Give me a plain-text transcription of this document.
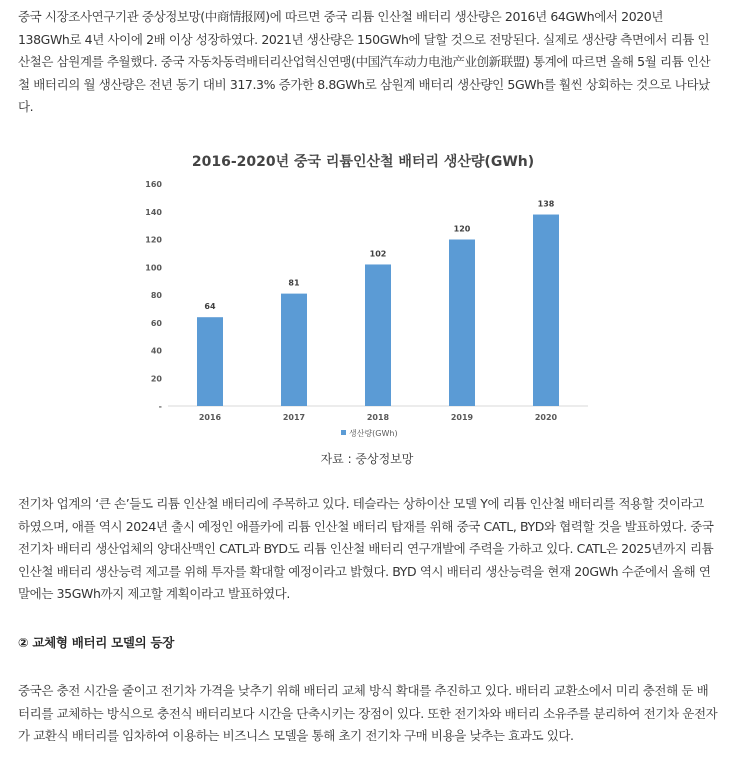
중국 시장조사연구기관 중상정보망(中商情报网)에 따르면 중국 리튬 인산철 배터리 생산량은 2016년 64GWh에서 2020년 138GWh로 4년 사이에 2배 이상 성장하였다. 2021년 생산량은 150GWh에 달할 것으로 전망된다. 실제로 생산량 측면에서 리튬 인산철은 삼원계를 추월했다. 중국 자동차동력배터리산업혁신연맹(中国汽车动力电池产业创新联盟) 통계에 따르면 올해 5월 리튬 인산철 배터리의 월 생산량은 전년 동기 대비 317.3% 증가한 8.8GWh로 삼원계 배터리 생산량인 5GWh를 훨씬 상회하는 것으로 나타났다.

2016-2020년 중국 리튬인산철 배터리 생산량(GWh)
-
20
40
60
80
100
120
140
160
64
81
102
120
138
2016	2017	2018	2019	2020
생산량(GWh)

자료 : 중상정보망

전기차 업계의 ‘큰 손’들도 리튬 인산철 배터리에 주목하고 있다. 테슬라는 상하이산 모델 Y에 리튬 인산철 배터리를 적용할 것이라고 하였으며, 애플 역시 2024년 출시 예정인 애플카에 리튬 인산철 배터리 탑재를 위해 중국 CATL, BYD와 협력할 것을 발표하였다. 중국 전기차 배터리 생산업체의 양대산맥인 CATL과 BYD도 리튬 인산철 배터리 연구개발에 주력을 가하고 있다. CATL은 2025년까지 리튬 인산철 배터리 생산능력 제고를 위해 투자를 확대할 예정이라고 밝혔다. BYD 역시 배터리 생산능력을 현재 20GWh 수준에서 올해 연말에는 35GWh까지 제고할 계획이라고 발표하였다.

② 교체형 배터리 모델의 등장

중국은 충전 시간을 줄이고 전기차 가격을 낮추기 위해 배터리 교체 방식 확대를 추진하고 있다. 배터리 교환소에서 미리 충전해 둔 배터리를 교체하는 방식으로 충전식 배터리보다 시간을 단축시키는 장점이 있다. 또한 전기차와 배터리 소유주를 분리하여 전기차 운전자가 교환식 배터리를 임차하여 이용하는 비즈니스 모델을 통해 초기 전기차 구매 비용을 낮추는 효과도 있다.
